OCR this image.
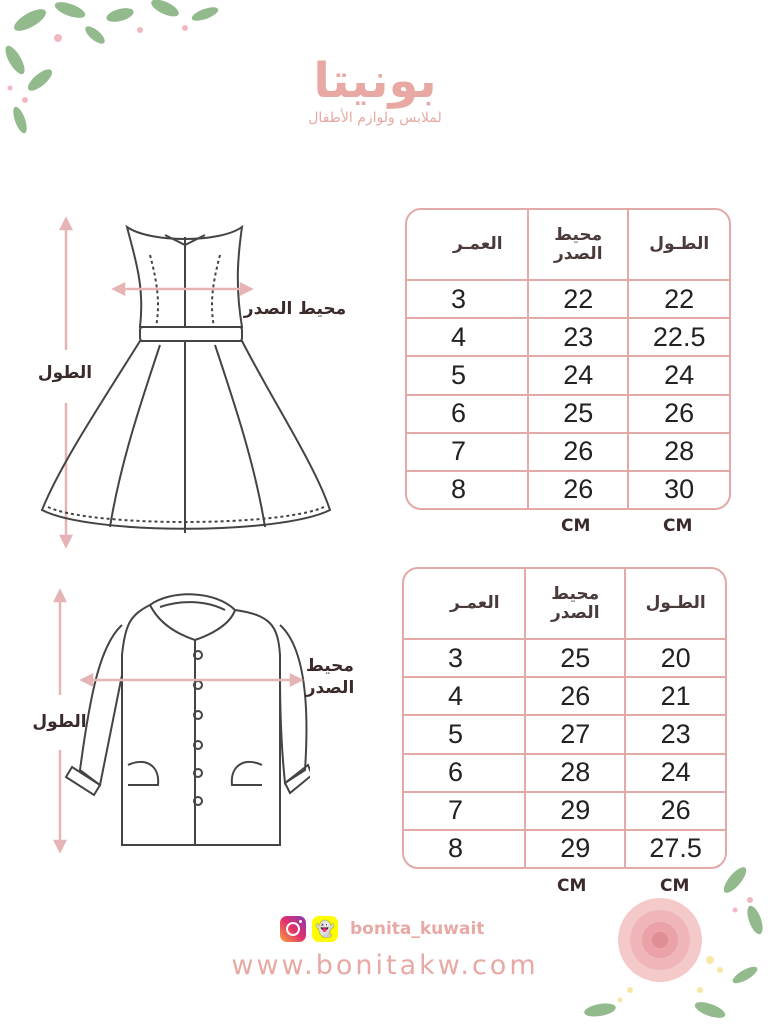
بونيتا
لملابس ولوازم الأطفال
محيط الصدر
الطول
العمـر	محيط الصدر	الطـول
3	22	22
4	23	22.5
5	24	24
6	25	26
7	26	28
8	26	30
CM	CM
محيط الصدر
الطول
العمـر	محيط الصدر	الطـول
3	25	20
4	26	21
5	27	23
6	28	24
7	29	26
8	29	27.5
CM	CM
👻 bonita_kuwait
www.bonitakw.com
